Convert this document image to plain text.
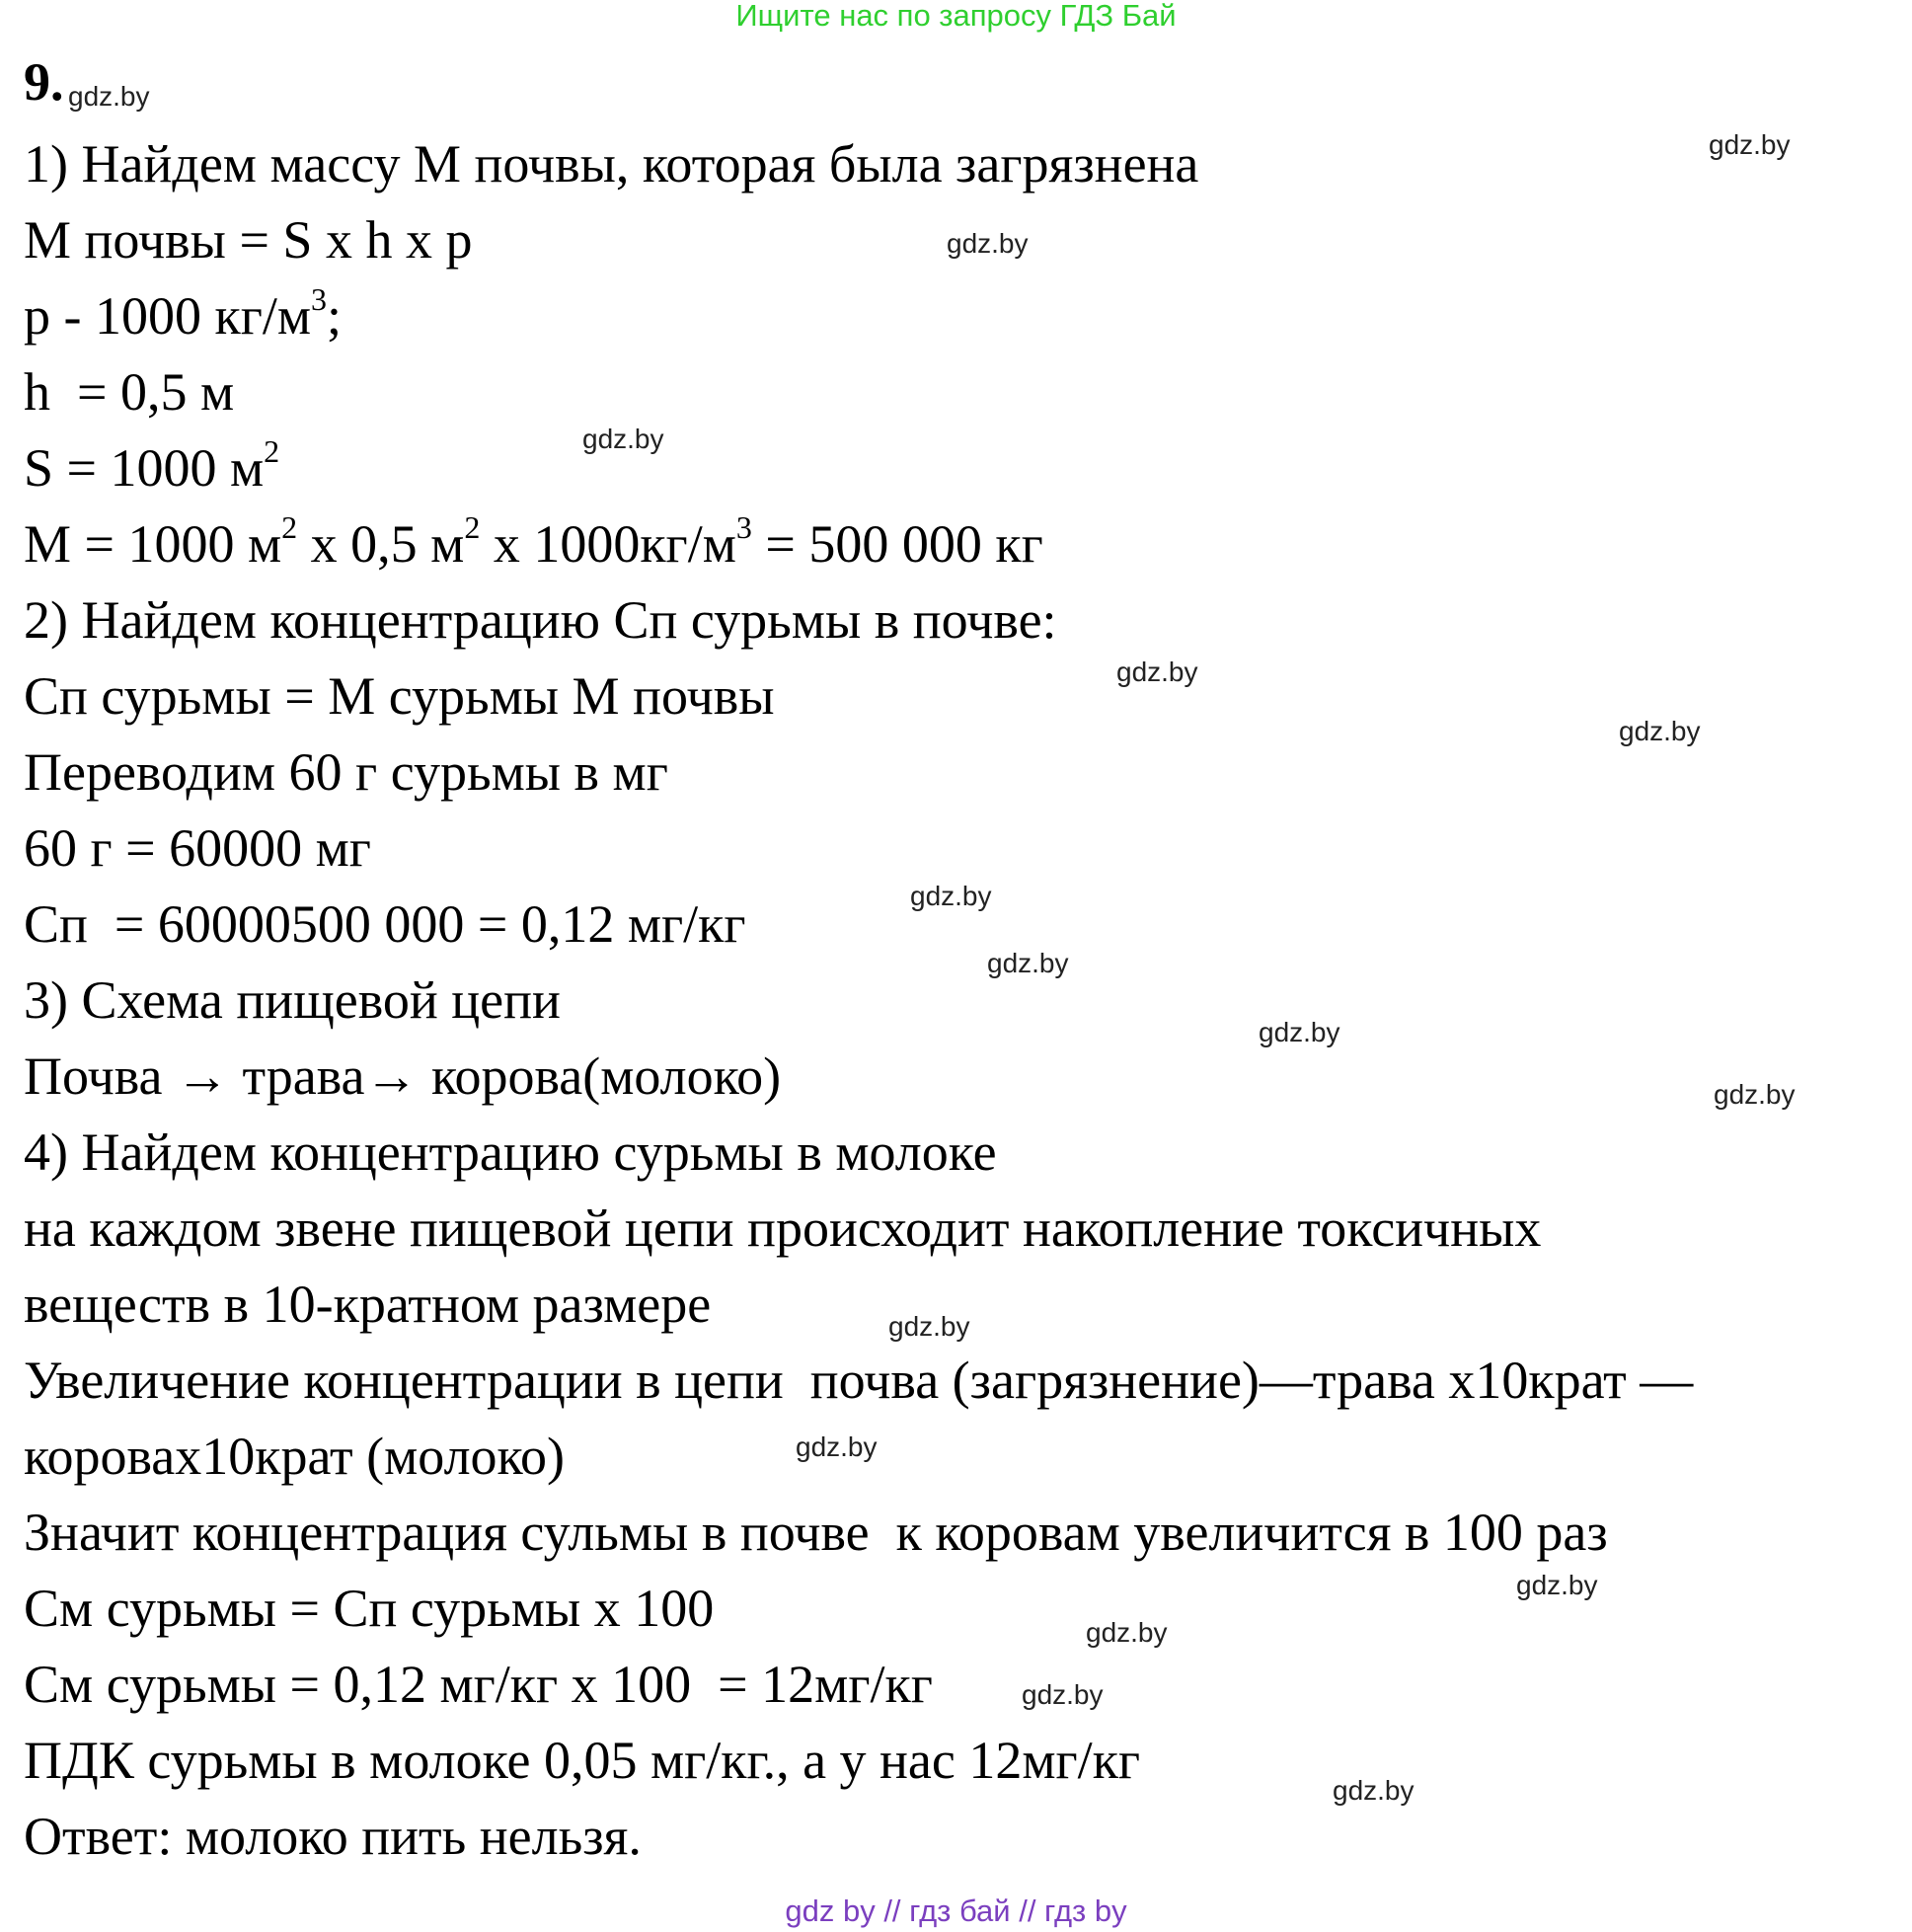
Ищите нас по запросу ГДЗ Бай
9.
1) Найдем массу М почвы, которая была загрязнена
М почвы = S x h x p
p - 1000 $кг/м^3$;
h  = 0,5 м
S = 1000 $м^2$
М = 1000 $м^2$ x 0,5 $м^2$ x $1000кг/м^3 = 500$ 000 кг
2) Найдем концентрацию Сп сурьмы в почве:
Сп сурьмы = М сурьмы М почвы
Переводим 60 г сурьмы в мг
60 г = 60000 мг
Сп  = 60000500 000 = 0,12 мг/кг
3) Схема пищевой цепи
Почва → трава→ корова(молоко)
4) Найдем концентрацию сурьмы в молоке
на каждом звене пищевой цепи происходит накопление токсичных
веществ в 10-кратном размере
Увеличение концентрации в цепи  почва (загрязнение)—трава x10крат —
коровах10крат (молоко)
Значит концентрация сульмы в почве  к коровам увеличится в 100 раз
См сурьмы = Сп сурьмы x 100
См сурьмы = 0,12 мг/кг x 100  = 12мг/кг
ПДК сурьмы в молоке 0,05 мг/кг., а у нас 12мг/кг
Ответ: молоко пить нельзя.
gdz.by
gdz.by
gdz.by
gdz.by
gdz.by
gdz.by
gdz.by
gdz.by
gdz.by
gdz.by
gdz.by
gdz.by
gdz.by
gdz.by
gdz.by
gdz.by
gdz by // гдз бай // гдз by
